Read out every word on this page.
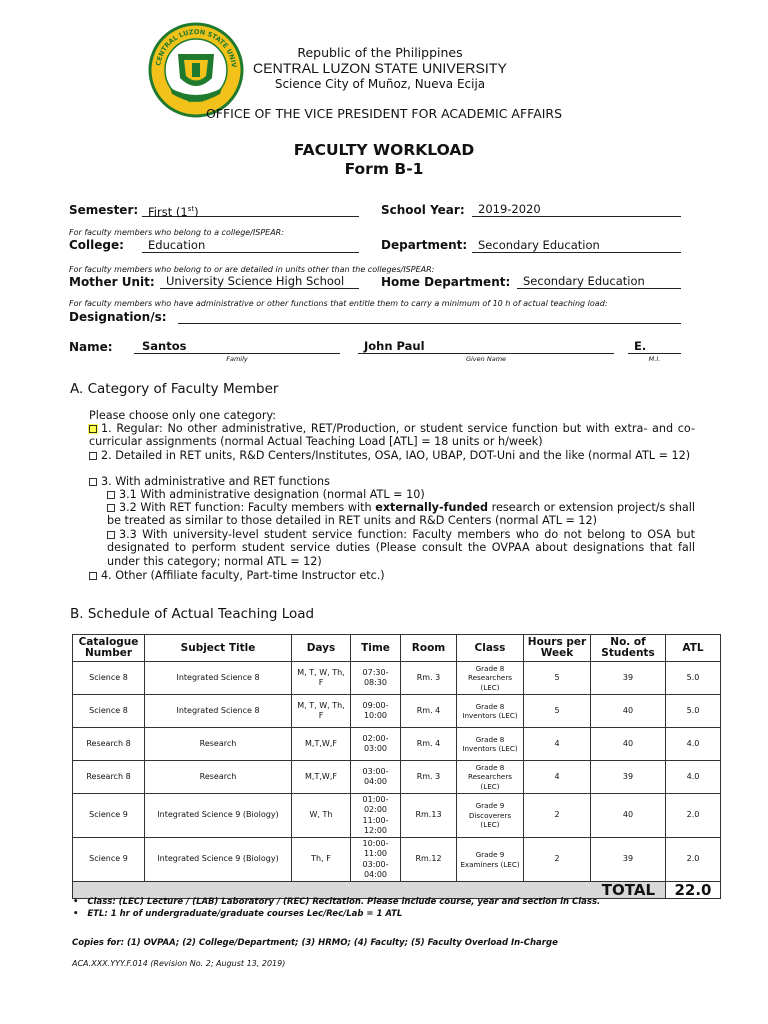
CENTRAL LUZON STATE UNIV
1907
Republic of the Philippines
CENTRAL LUZON STATE UNIVERSITY
Science City of Muñoz, Nueva Ecija
OFFICE OF THE VICE PRESIDENT FOR ACADEMIC AFFAIRS
FACULTY WORKLOAD
Form B-1
Semester: First (1st)	School Year:	2019-2020
For faculty members who belong to a college/ISPEAR:
College:	Education	Department: Secondary Education
For faculty members who belong to or are detailed in units other than the colleges/ISPEAR:
Mother Unit: University Science High School	Home Department:	Secondary Education
For faculty members who have administrative or other functions that entitle them to carry a minimum of 10 h of actual teaching load:
Designation/s:
Name:	Santos	John Paul	E.
Family	Given Name	M.I.
A. Category of Faculty Member
Please choose only one category:
1. Regular: No other administrative, RET/Production, or student service function but with extra- and co-curricular assignments (normal Actual Teaching Load [ATL] = 18 units or h/week)
2. Detailed in RET units, R&D Centers/Institutes, OSA, IAO, UBAP, DOT-Uni and the like (normal ATL = 12)
3. With administrative and RET functions
3.1 With administrative designation (normal ATL = 10)
3.2 With RET function: Faculty members with externally-funded research or extension project/s shall be treated as similar to those detailed in RET units and R&D Centers (normal ATL = 12)
3.3 With university-level student service function: Faculty members who do not belong to OSA but designated to perform student service duties (Please consult the OVPAA about designations that fall under this category; normal ATL = 12)
4. Other (Affiliate faculty, Part-time Instructor etc.)
B. Schedule of Actual Teaching Load
Catalogue Number	Subject Title	Days	Time	Room	Class	Hours per Week	No. of Students	ATL
Science 8	Integrated Science 8	M, T, W, Th, F	07:30-08:30	Rm. 3	Grade 8 Researchers (LEC)	5	39	5.0
Science 8	Integrated Science 8	M, T, W, Th, F	09:00-10:00	Rm. 4	Grade 8 Inventors (LEC)	5	40	5.0
Research 8	Research	M,T,W,F	02:00-03:00	Rm. 4	Grade 8 Inventors (LEC)	4	40	4.0
Research 8	Research	M,T,W,F	03:00-04:00	Rm. 3	Grade 8 Researchers (LEC)	4	39	4.0
Science 9	Integrated Science 9 (Biology)	W, Th	01:00-02:00 11:00-12:00	Rm.13	Grade 9 Discoverers (LEC)	2	40	2.0
Science 9	Integrated Science 9 (Biology)	Th, F	10:00-11:00 03:00-04:00	Rm.12	Grade 9 Examiners (LEC)	2	39	2.0
TOTAL								22.0
•   Class: (LEC) Lecture / (LAB) Laboratory / (REC) Recitation. Please include course, year and section in Class.
•   ETL: 1 hr of undergraduate/graduate courses Lec/Rec/Lab = 1 ATL
Copies for: (1) OVPAA; (2) College/Department; (3) HRMO; (4) Faculty; (5) Faculty Overload In-Charge
ACA.XXX.YYY.F.014 (Revision No. 2; August 13, 2019)
